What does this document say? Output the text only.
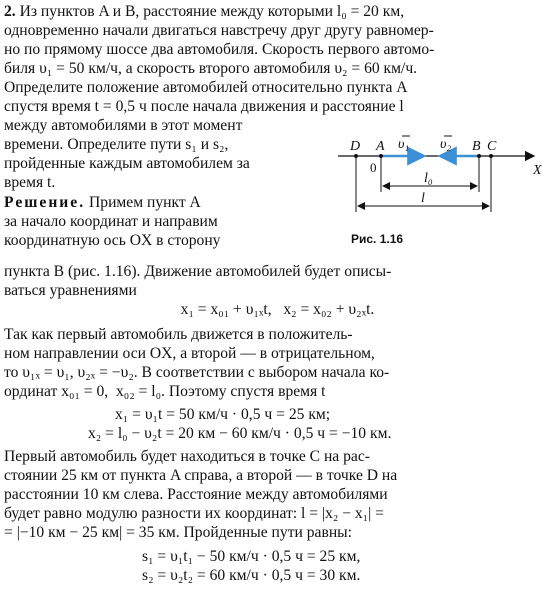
2. Из пунктов A и B, расстояние между которыми l₀ = 20 км,
одновременно начали двигаться навстречу друг другу равномер-
но по прямому шоссе два автомобиля. Скорость первого автомо-
биля υ₁ = 50 км/ч, а скорость второго автомобиля υ₂ = 60 км/ч.
Определите положение автомобилей относительно пункта A
спустя время t = 0,5 ч после начала движения и расстояние l
между автомобилями в этот момент
времени. Определите пути s₁ и s₂,
пройденные каждым автомобилем за
время t.
Решение. Примем пункт A
за начало координат и направим
координатную ось OX в сторону
D A	B C
X
υ₁ υ₂
l₀
l
0
Рис. 1.16
пункта B (рис. 1.16). Движение автомобилей будет описы-
ваться уравнениями
x₁ = x₀₁ + υ₁ₓt,   x₂ = x₀₂ + υ₂ₓt.
Так как первый автомобиль движется в положитель-
ном направлении оси OX, а второй — в отрицательном,
то υ₁ₓ = υ₁, υ₂ₓ = −υ₂. В соответствии с выбором начала ко-
ординат x₀₁ = 0,  x₀₂ = l₀. Поэтому спустя время t
x₁ = υ₁t = 50 км/ч · 0,5 ч = 25 км;
x₂ = l₀ − υ₂t = 20 км − 60 км/ч · 0,5 ч = −10 км.
Первый автомобиль будет находиться в точке C на рас-
стоянии 25 км от пункта A справа, а второй — в точке D на
расстоянии 10 км слева. Расстояние между автомобилями
будет равно модулю разности их координат: l = |x₂ − x₁| =
= |−10 км − 25 км| = 35 км. Пройденные пути равны:
s₁ = υ₁t₁ − 50 км/ч · 0,5 ч = 25 км,
s₂ = υ₂t₂ = 60 км/ч · 0,5 ч = 30 км.
